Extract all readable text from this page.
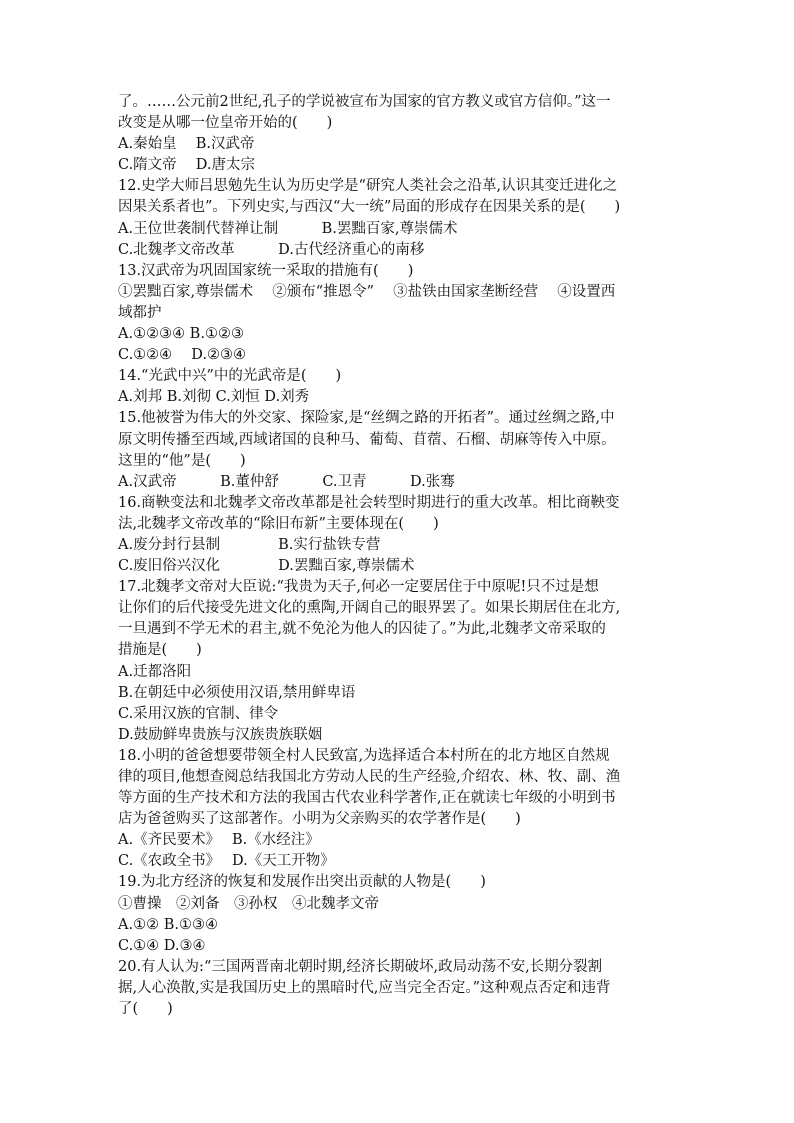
了。……公元前2世纪,孔子的学说被宣布为国家的官方教义或官方信仰。”这一
改变是从哪一位皇帝开始的(　　)
A.秦始皇　 B.汉武帝
C.隋文帝　 D.唐太宗
12.史学大师吕思勉先生认为历史学是“研究人类社会之沿革,认识其变迁进化之
因果关系者也”。下列史实,与西汉“大一统”局面的形成存在因果关系的是(　　)
A.王位世袭制代替禅让制　　　B.罢黜百家,尊崇儒术
C.北魏孝文帝改革　　　D.古代经济重心的南移
13.汉武帝为巩固国家统一采取的措施有(　　)
①罢黜百家,尊崇儒术　 ②颁布“推恩令”　 ③盐铁由国家垄断经营　 ④设置西
域都护
A.①②③④ B.①②③
C.①②④　 D.②③④
14.“光武中兴”中的光武帝是(　　)
A.刘邦 B.刘彻 C.刘恒 D.刘秀
15.他被誉为伟大的外交家、探险家,是“丝绸之路的开拓者”。通过丝绸之路,中
原文明传播至西域,西域诸国的良种马、葡萄、苜蓿、石榴、胡麻等传入中原。
这里的“他”是(　　)
A.汉武帝　　　B.董仲舒　　　C.卫青　　　D.张骞
16.商鞅变法和北魏孝文帝改革都是社会转型时期进行的重大改革。相比商鞅变
法,北魏孝文帝改革的“除旧布新”主要体现在(　　)
A.废分封行县制　　　　B.实行盐铁专营
C.废旧俗兴汉化　　　　D.罢黜百家,尊崇儒术
17.北魏孝文帝对大臣说:“我贵为天子,何必一定要居住于中原呢!只不过是想
让你们的后代接受先进文化的熏陶,开阔自己的眼界罢了。如果长期居住在北方,
一旦遇到不学无术的君主,就不免沦为他人的囚徒了。”为此,北魏孝文帝采取的
措施是(　　)
A.迁都洛阳
B.在朝廷中必须使用汉语,禁用鲜卑语
C.采用汉族的官制、律令
D.鼓励鲜卑贵族与汉族贵族联姻
18.小明的爸爸想要带领全村人民致富,为选择适合本村所在的北方地区自然规
律的项目,他想查阅总结我国北方劳动人民的生产经验,介绍农、林、牧、副、渔
等方面的生产技术和方法的我国古代农业科学著作,正在就读七年级的小明到书
店为爸爸购买了这部著作。小明为父亲购买的农学著作是(　　)
A.《齐民要术》　 B.《水经注》
C.《农政全书》　 D.《天工开物》
19.为北方经济的恢复和发展作出突出贡献的人物是(　　)
①曹操　②刘备　③孙权　④北魏孝文帝
A.①② B.①③④
C.①④ D.③④
20.有人认为:“三国两晋南北朝时期,经济长期破坏,政局动荡不安,长期分裂割
据,人心涣散,实是我国历史上的黑暗时代,应当完全否定。”这种观点否定和违背
了(　　)
